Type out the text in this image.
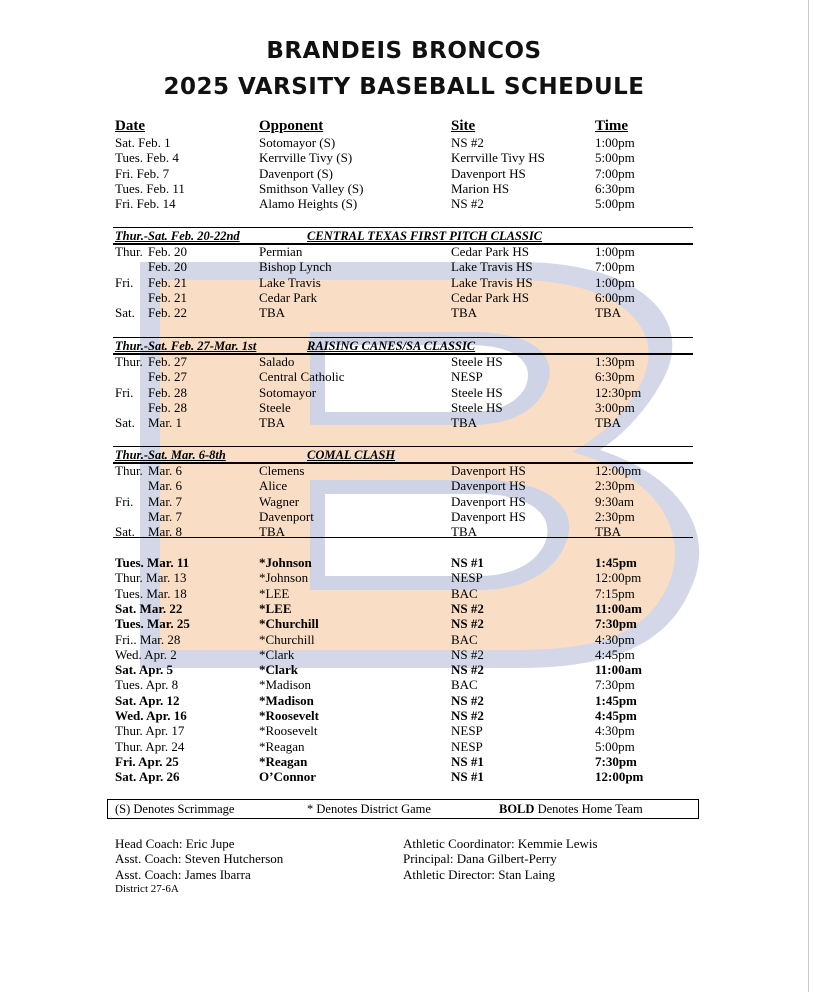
BRANDEIS BRONCOS
2025 VARSITY BASEBALL SCHEDULE
Date	Opponent	Site	Time
Sat. Feb. 1	Sotomayor (S)	NS #2	1:00pm
Tues. Feb. 4	Kerrville Tivy (S)	Kerrville Tivy HS	5:00pm
Fri. Feb. 7	Davenport (S)	Davenport HS	7:00pm
Tues. Feb. 11	Smithson Valley (S)	Marion HS	6:30pm
Fri. Feb. 14	Alamo Heights (S)	NS #2	5:00pm
Thur.-Sat. Feb. 20-22nd	CENTRAL TEXAS FIRST PITCH CLASSIC
Thur. Feb. 20	Permian	Cedar Park HS	1:00pm
Feb. 20	Bishop Lynch	Lake Travis HS	7:00pm
Fri. Feb. 21	Lake Travis	Lake Travis HS	1:00pm
Feb. 21	Cedar Park	Cedar Park HS	6:00pm
Sat. Feb. 22	TBA	TBA	TBA
Thur.-Sat. Feb. 27-Mar. 1st	RAISING CANES/SA CLASSIC
Thur. Feb. 27	Salado	Steele HS	1:30pm
Feb. 27	Central Catholic	NESP	6:30pm
Fri. Feb. 28	Sotomayor	Steele HS	12:30pm
Feb. 28	Steele	Steele HS	3:00pm
Sat. Mar. 1	TBA	TBA	TBA
Thur.-Sat. Mar. 6-8th	COMAL CLASH
Thur. Mar. 6	Clemens	Davenport HS	12:00pm
Mar. 6	Alice	Davenport HS	2:30pm
Fri. Mar. 7	Wagner	Davenport HS	9:30am
Mar. 7	Davenport	Davenport HS	2:30pm
Sat. Mar. 8	TBA	TBA	TBA
Tues. Mar. 11	*Johnson	NS #1	1:45pm
Thur. Mar. 13	*Johnson	NESP	12:00pm
Tues. Mar. 18	*LEE	BAC	7:15pm
Sat. Mar. 22	*LEE	NS #2	11:00am
Tues. Mar. 25	*Churchill	NS #2	7:30pm
Fri.. Mar. 28	*Churchill	BAC	4:30pm
Wed. Apr. 2	*Clark	NS #2	4:45pm
Sat. Apr. 5	*Clark	NS #2	11:00am
Tues. Apr. 8	*Madison	BAC	7:30pm
Sat. Apr. 12	*Madison	NS #2	1:45pm
Wed. Apr. 16	*Roosevelt	NS #2	4:45pm
Thur. Apr. 17	*Roosevelt	NESP	4:30pm
Thur. Apr. 24	*Reagan	NESP	5:00pm
Fri. Apr. 25	*Reagan	NS #1	7:30pm
Sat. Apr. 26	O’Connor	NS #1	12:00pm
(S) Denotes Scrimmage	* Denotes District Game	BOLD Denotes Home Team
Head Coach: Eric Jupe
Asst. Coach: Steven Hutcherson
Asst. Coach: James Ibarra
District 27-6A
Athletic Coordinator: Kemmie Lewis
Principal: Dana Gilbert-Perry
Athletic Director: Stan Laing
